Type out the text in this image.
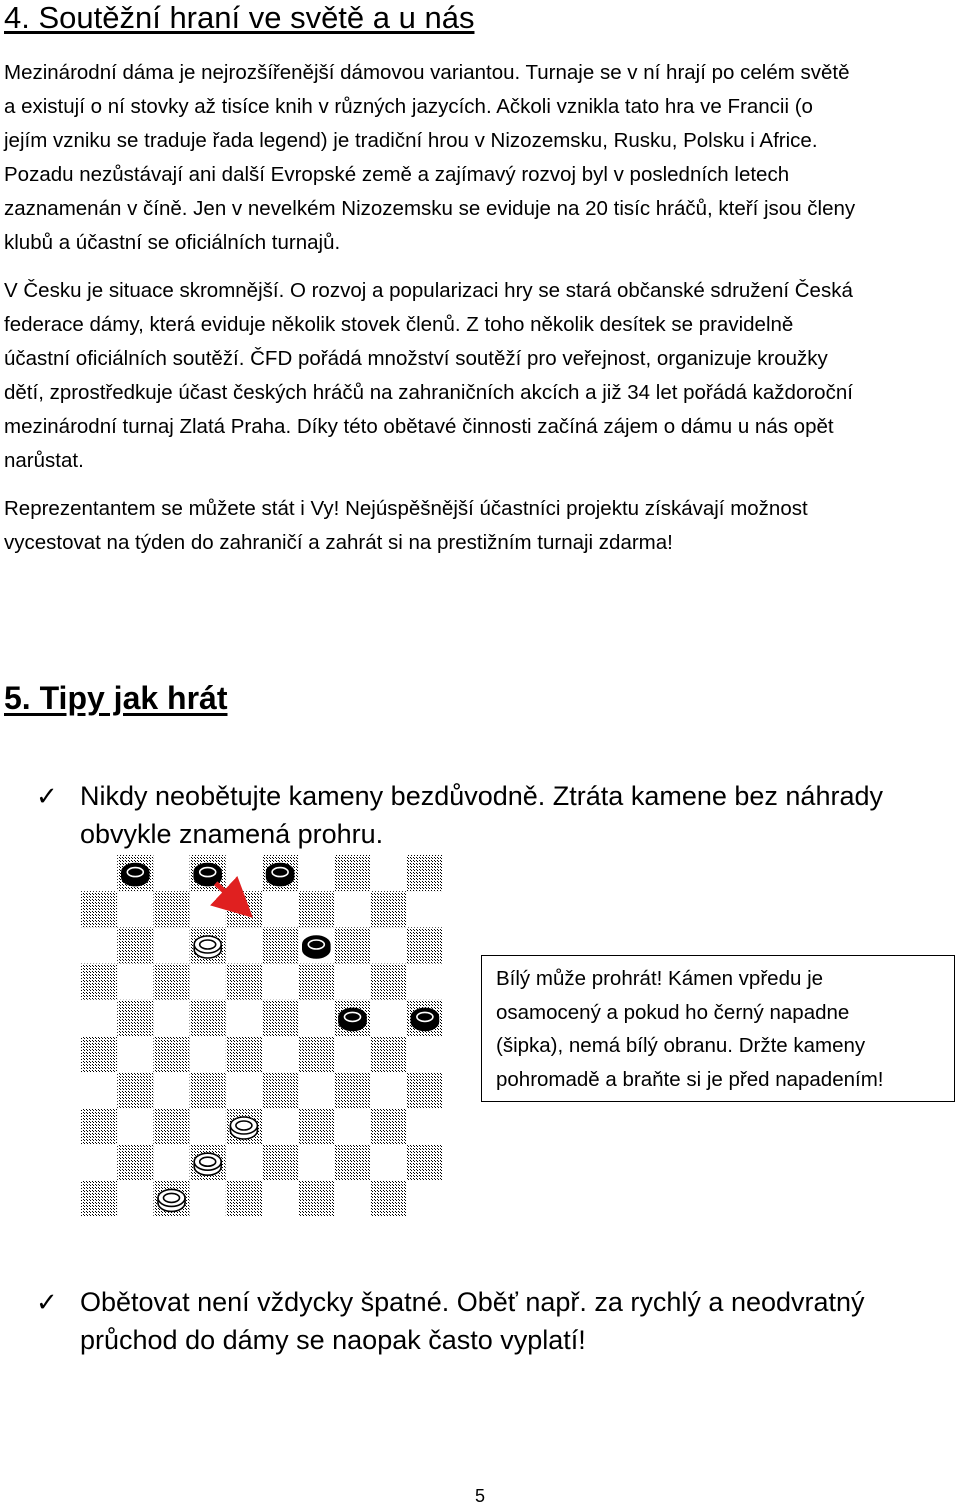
4. Soutěžní hraní ve světě a u nás
Mezinárodní dáma je nejrozšířenější dámovou variantou. Turnaje se v ní hrají po celém světě
a existují o ní stovky až tisíce knih v různých jazycích. Ačkoli vznikla tato hra ve Francii (o
jejím vzniku se traduje řada legend) je tradiční hrou v Nizozemsku, Rusku, Polsku i Africe.
Pozadu nezůstávají ani další Evropské země a zajímavý rozvoj byl v posledních letech
zaznamenán v číně. Jen v nevelkém Nizozemsku se eviduje na 20 tisíc hráčů, kteří jsou členy
klubů a účastní se oficiálních turnajů.
V Česku je situace skromnější. O rozvoj a popularizaci hry se stará občanské sdružení Česká
federace dámy, která eviduje několik stovek členů. Z toho několik desítek se pravidelně
účastní oficiálních soutěží. ČFD pořádá množství soutěží pro veřejnost, organizuje kroužky
dětí, zprostředkuje účast českých hráčů na zahraničních akcích a již 34 let pořádá každoroční
mezinárodní turnaj Zlatá Praha. Díky této obětavé činnosti začíná zájem o dámu u nás opět
narůstat.
Reprezentantem se můžete stát i Vy! Nejúspěšnější účastníci projektu získávají možnost
vycestovat na týden do zahraničí a zahrát si na prestižním turnaji zdarma!
5. Tipy jak hrát
✓ Nikdy neobětujte kameny bezdůvodně. Ztráta kamene bez náhrady
obvykle znamená prohru.
Bílý může prohrát! Kámen vpředu je
osamocený a pokud ho černý napadne
(šipka), nemá bílý obranu. Držte kameny
pohromadě a braňte si je před napadením!
✓ Obětovat není vždycky špatné. Oběť např. za rychlý a neodvratný
průchod do dámy se naopak často vyplatí!
5
